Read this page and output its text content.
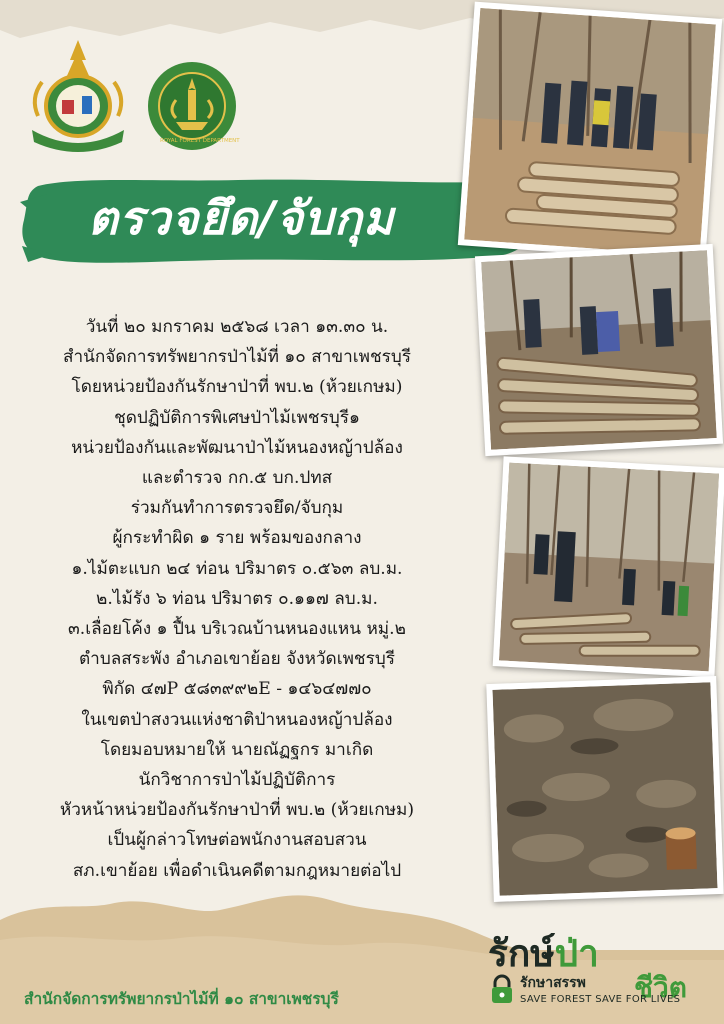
ROYAL FOREST DEPARTMENT
ตรวจยึด/จับกุม
วันที่ ๒๐ มกราคม ๒๕๖๘ เวลา ๑๓.๓๐ น.
สำนักจัดการทรัพยากรป่าไม้ที่ ๑๐ สาขาเพชรบุรี
โดยหน่วยป้องกันรักษาป่าที่ พบ.๒ (ห้วยเกษม)
ชุดปฏิบัติการพิเศษป่าไม้เพชรบุรี๑
หน่วยป้องกันและพัฒนาป่าไม้หนองหญ้าปล้อง
และตำรวจ กก.๕ บก.ปทส
ร่วมกันทำการตรวจยึด/จับกุม
ผู้กระทำผิด ๑ ราย พร้อมของกลาง
๑.ไม้ตะแบก ๒๔ ท่อน ปริมาตร ๐.๕๖๓ ลบ.ม.
๒.ไม้รัง ๖ ท่อน ปริมาตร ๐.๑๑๗ ลบ.ม.
๓.เลื่อยโค้ง ๑ ปื้น บริเวณบ้านหนองแหน หมู่.๒
ตำบลสระพัง อำเภอเขาย้อย จังหวัดเพชรบุรี
พิกัด ๔๗P ๕๘๓๙๙๒E - ๑๔๖๔๗๗๐
ในเขตป่าสงวนแห่งชาติป่าหนองหญ้าปล้อง
โดยมอบหมายให้ นายณัฏฐกร มาเกิด
นักวิชาการป่าไม้ปฏิบัติการ
หัวหน้าหน่วยป้องกันรักษาป่าที่ พบ.๒ (ห้วยเกษม)
เป็นผู้กล่าวโทษต่อพนักงานสอบสวน
สภ.เขาย้อย เพื่อดำเนินคดีตามกฎหมายต่อไป
สำนักจัดการทรัพยากรป่าไม้ที่ ๑๐ สาขาเพชรบุรี
รักษ์ป่า
รักษาสรรพ ชีวิต
SAVE FOREST SAVE FOR LIVES
